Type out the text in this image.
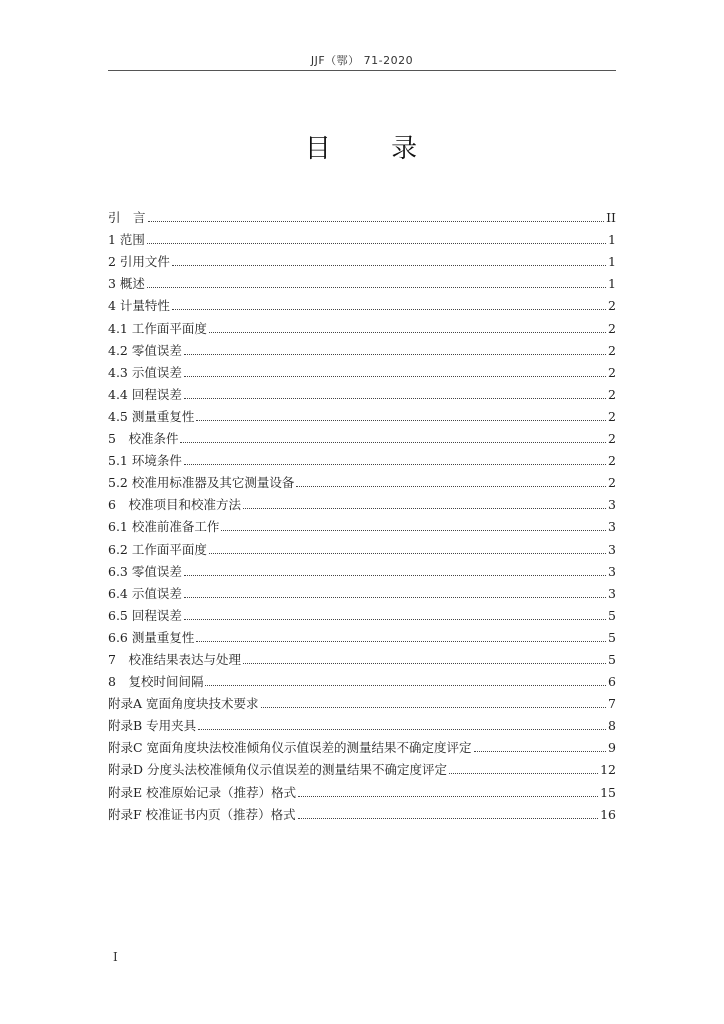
JJF（鄂） 71-2020
目　 录
引　言	II
1 范围	1
2 引用文件	1
3 概述	1
4 计量特性	2
4.1 工作面平面度	2
4.2 零值误差	2
4.3 示值误差	2
4.4 回程误差	2
4.5 测量重复性	2
5　校准条件	2
5.1 环境条件	2
5.2 校准用标准器及其它测量设备	2
6　校准项目和校准方法	3
6.1 校准前准备工作	3
6.2 工作面平面度	3
6.3 零值误差	3
6.4 示值误差	3
6.5 回程误差	5
6.6 测量重复性	5
7　校准结果表达与处理	5
8　复校时间间隔	6
附录A 宽面角度块技术要求	7
附录B 专用夹具	8
附录C 宽面角度块法校准倾角仪示值误差的测量结果不确定度评定	9
附录D 分度头法校准倾角仪示值误差的测量结果不确定度评定	12
附录E 校准原始记录（推荐）格式	15
附录F 校准证书内页（推荐）格式	16
I
